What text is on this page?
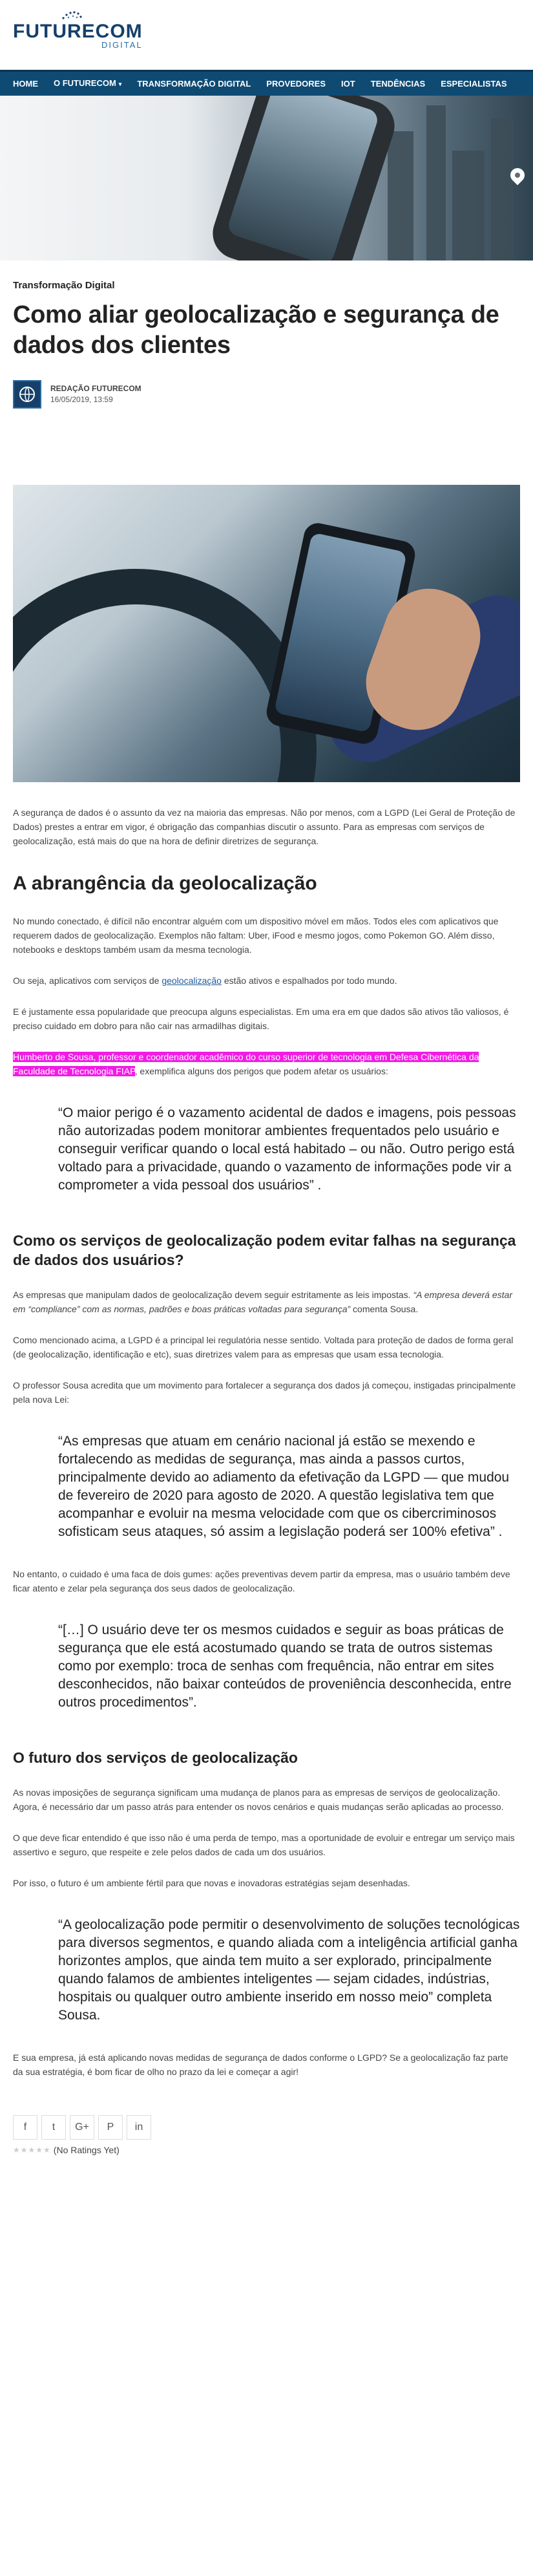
FUTURECOM
DIGITAL
HOME	O FUTURECOM ▾	TRANSFORMAÇÃO DIGITAL	PROVEDORES	IOT	TENDÊNCIAS	ESPECIALISTAS
Transformação Digital
Como aliar geolocalização e segurança de dados dos clientes
REDAÇÃO FUTURECOM
16/05/2019, 13:59

A segurança de dados é o assunto da vez na maioria das empresas. Não por menos, com a LGPD (Lei Geral de Proteção de Dados) prestes a entrar em vigor, é obrigação das companhias discutir o assunto. Para as empresas com serviços de geolocalização, está mais do que na hora de definir diretrizes de segurança.

A abrangência da geolocalização

No mundo conectado, é difícil não encontrar alguém com um dispositivo móvel em mãos. Todos eles com aplicativos que requerem dados de geolocalização. Exemplos não faltam: Uber, iFood e mesmo jogos, como Pokemon GO. Além disso, notebooks e desktops também usam da mesma tecnologia.

Ou seja, aplicativos com serviços de geolocalização estão ativos e espalhados por todo mundo.

E é justamente essa popularidade que preocupa alguns especialistas. Em uma era em que dados são ativos tão valiosos, é preciso cuidado em dobro para não cair nas armadilhas digitais.

Humberto de Sousa, professor e coordenador acadêmico do curso superior de tecnologia em Defesa Cibernética da Faculdade de Tecnologia FIAP, exemplifica alguns dos perigos que podem afetar os usuários:

“O maior perigo é o vazamento acidental de dados e imagens, pois pessoas não autorizadas podem monitorar ambientes frequentados pelo usuário e conseguir verificar quando o local está habitado – ou não. Outro perigo está voltado para a privacidade, quando o vazamento de informações pode vir a comprometer a vida pessoal dos usuários” .
Como os serviços de geolocalização podem evitar falhas na segurança de dados dos usuários?

As empresas que manipulam dados de geolocalização devem seguir estritamente as leis impostas. “A empresa deverá estar em “compliance” com as normas, padrões e boas práticas voltadas para segurança” comenta Sousa.

Como mencionado acima, a LGPD é a principal lei regulatória nesse sentido. Voltada para proteção de dados de forma geral (de geolocalização, identificação e etc), suas diretrizes valem para as empresas que usam essa tecnologia.

O professor Sousa acredita que um movimento para fortalecer a segurança dos dados já começou, instigadas principalmente pela nova Lei:

“As empresas que atuam em cenário nacional já estão se mexendo e fortalecendo as medidas de segurança, mas ainda a passos curtos, principalmente devido ao adiamento da efetivação da LGPD — que mudou de fevereiro de 2020 para agosto de 2020. A questão legislativa tem que acompanhar e evoluir na mesma velocidade com que os cibercriminosos sofisticam seus ataques, só assim a legislação poderá ser 100% efetiva” .

No entanto, o cuidado é uma faca de dois gumes: ações preventivas devem partir da empresa, mas o usuário também deve ficar atento e zelar pela segurança dos seus dados de geolocalização.

“[…] O usuário deve ter os mesmos cuidados e seguir as boas práticas de segurança que ele está acostumado quando se trata de outros sistemas como por exemplo: troca de senhas com frequência, não entrar em sites desconhecidos, não baixar conteúdos de proveniência desconhecida, entre outros procedimentos”.
O futuro dos serviços de geolocalização

As novas imposições de segurança significam uma mudança de planos para as empresas de serviços de geolocalização. Agora, é necessário dar um passo atrás para entender os novos cenários e quais mudanças serão aplicadas ao processo.

O que deve ficar entendido é que isso não é uma perda de tempo, mas a oportunidade de evoluir e entregar um serviço mais assertivo e seguro, que respeite e zele pelos dados de cada um dos usuários.

Por isso, o futuro é um ambiente fértil para que novas e inovadoras estratégias sejam desenhadas.

“A geolocalização pode permitir o desenvolvimento de soluções tecnológicas para diversos segmentos, e quando aliada com a inteligência artificial ganha horizontes amplos, que ainda tem muito a ser explorado, principalmente quando falamos de ambientes inteligentes — sejam cidades, indústrias, hospitais ou qualquer outro ambiente inserido em nosso meio” completa Sousa.

E sua empresa, já está aplicando novas medidas de segurança de dados conforme o LGPD? Se a geolocalização faz parte da sua estratégia, é bom ficar de olho no prazo da lei e começar a agir!

f	t	G+	P	in
★★★★★ (No Ratings Yet)
